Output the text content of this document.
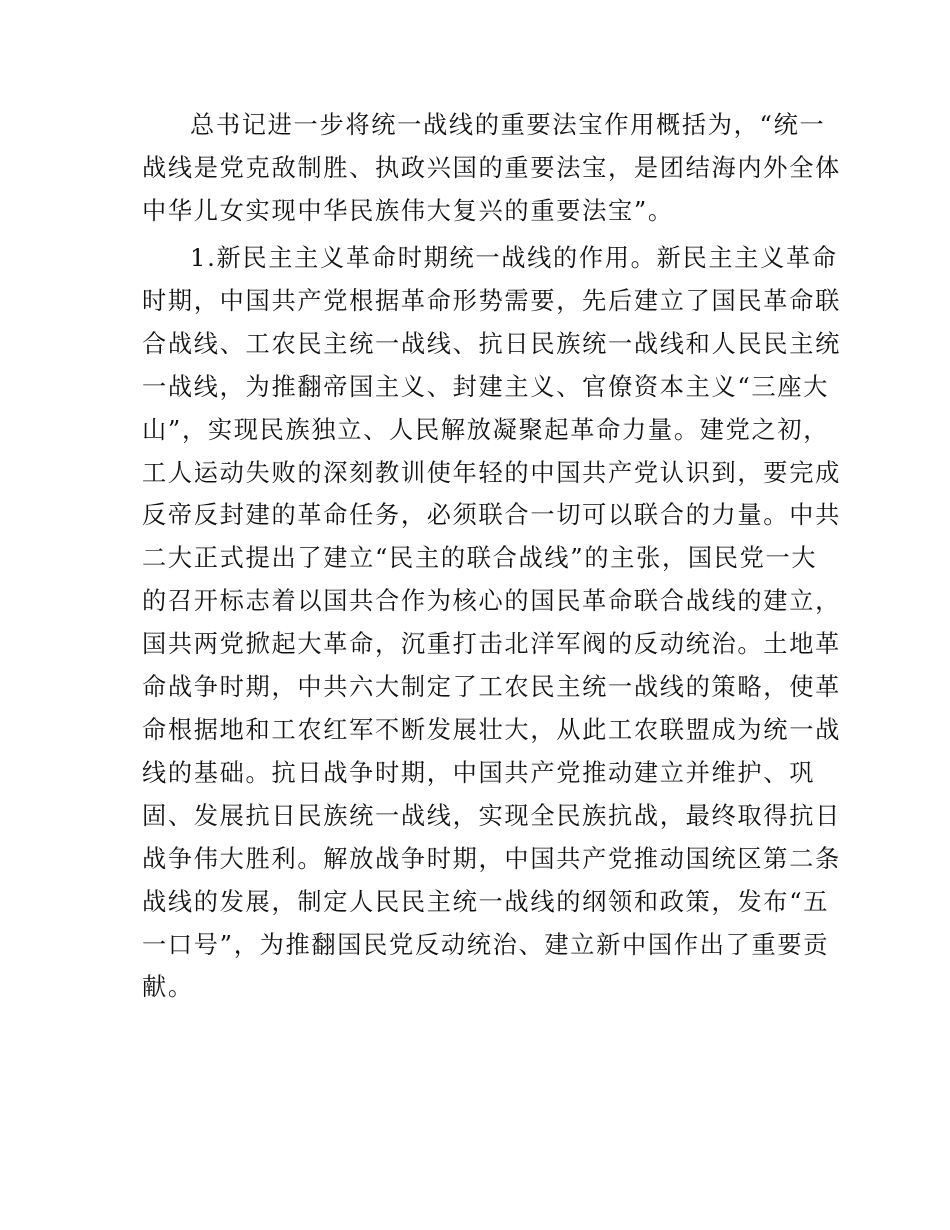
总书记进一步将统一战线的重要法宝作用概括为，“统一
战线是党克敌制胜、执政兴国的重要法宝，是团结海内外全体
中华儿女实现中华民族伟大复兴的重要法宝”。

1.新民主主义革命时期统一战线的作用。新民主主义革命
时期，中国共产党根据革命形势需要，先后建立了国民革命联
合战线、工农民主统一战线、抗日民族统一战线和人民民主统
一战线，为推翻帝国主义、封建主义、官僚资本主义“三座大
山”，实现民族独立、人民解放凝聚起革命力量。建党之初，
工人运动失败的深刻教训使年轻的中国共产党认识到，要完成
反帝反封建的革命任务，必须联合一切可以联合的力量。中共
二大正式提出了建立“民主的联合战线”的主张，国民党一大
的召开标志着以国共合作为核心的国民革命联合战线的建立，
国共两党掀起大革命，沉重打击北洋军阀的反动统治。土地革
命战争时期，中共六大制定了工农民主统一战线的策略，使革
命根据地和工农红军不断发展壮大，从此工农联盟成为统一战
线的基础。抗日战争时期，中国共产党推动建立并维护、巩
固、发展抗日民族统一战线，实现全民族抗战，最终取得抗日
战争伟大胜利。解放战争时期，中国共产党推动国统区第二条
战线的发展，制定人民民主统一战线的纲领和政策，发布“五
一口号”，为推翻国民党反动统治、建立新中国作出了重要贡
献。
